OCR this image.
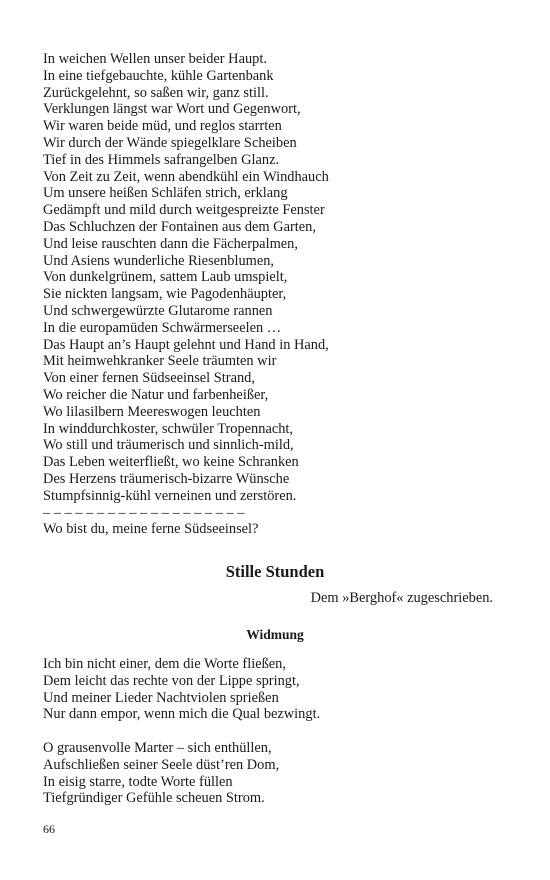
In weichen Wellen unser beider Haupt.
In eine tiefgebauchte, kühle Gartenbank
Zurückgelehnt, so saßen wir, ganz still.
Verklungen längst war Wort und Gegenwort,
Wir waren beide müd, und reglos starrten
Wir durch der Wände spiegelklare Scheiben
Tief in des Himmels safrangelben Glanz.
Von Zeit zu Zeit, wenn abendkühl ein Windhauch
Um unsere heißen Schläfen strich, erklang
Gedämpft und mild durch weitgespreizte Fenster
Das Schluchzen der Fontainen aus dem Garten,
Und leise rauschten dann die Fächerpalmen,
Und Asiens wunderliche Riesenblumen,
Von dunkelgrünem, sattem Laub umspielt,
Sie nickten langsam, wie Pagodenhäupter,
Und schwergewürzte Glutarome rannen
In die europamüden Schwärmerseelen …
Das Haupt an’s Haupt gelehnt und Hand in Hand,
Mit heimwehkranker Seele träumten wir
Von einer fernen Südseeinsel Strand,
Wo reicher die Natur und farbenheißer,
Wo lilasilbern Meereswogen leuchten
In winddurchkoster, schwüler Tropennacht,
Wo still und träumerisch und sinnlich-mild,
Das Leben weiterfließt, wo keine Schranken
Des Herzens träumerisch-bizarre Wünsche
Stumpfsinnig-kühl verneinen und zerstören.
– – – – – – – – – – – – – – – – – – –
Wo bist du, meine ferne Südseeinsel?
Stille Stunden
Dem »Berghof« zugeschrieben.
Widmung
Ich bin nicht einer, dem die Worte fließen,
Dem leicht das rechte von der Lippe springt,
Und meiner Lieder Nachtviolen sprießen
Nur dann empor, wenn mich die Qual bezwingt.
O grausenvolle Marter – sich enthüllen,
Aufschließen seiner Seele düst’ren Dom,
In eisig starre, todte Worte füllen
Tiefgründiger Gefühle scheuen Strom.
66
